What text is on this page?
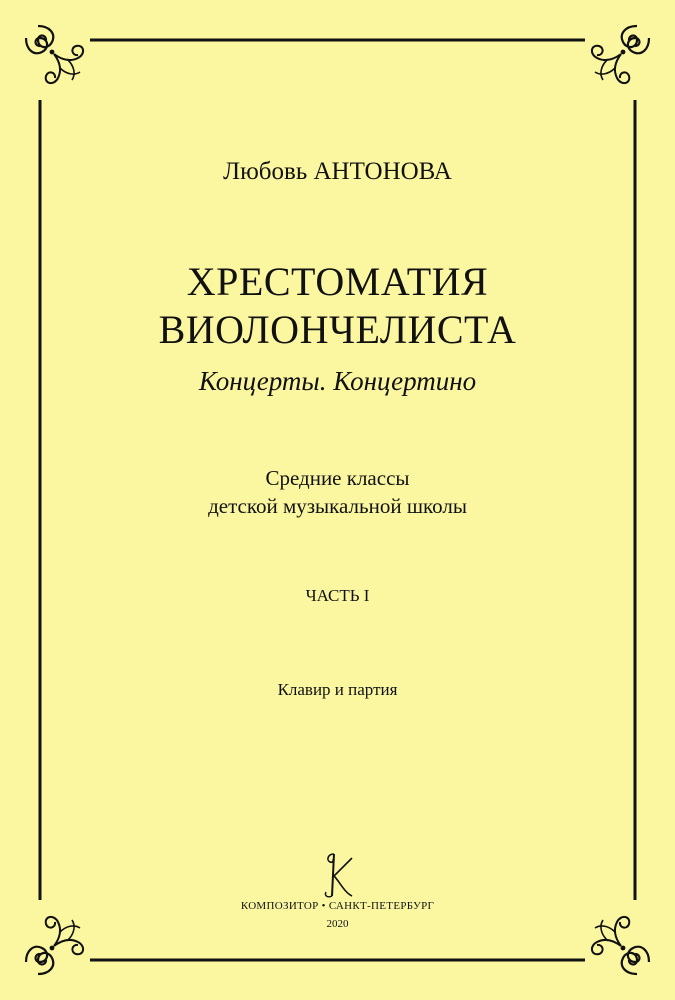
Любовь АНТОНОВА
ХРЕСТОМАТИЯ
ВИОЛОНЧЕЛИСТА
Концерты. Концертино
Средние классы
детской музыкальной школы
ЧАСТЬ I
Клавир и партия
КОМПОЗИТОР • САНКТ-ПЕТЕРБУРГ
2020
